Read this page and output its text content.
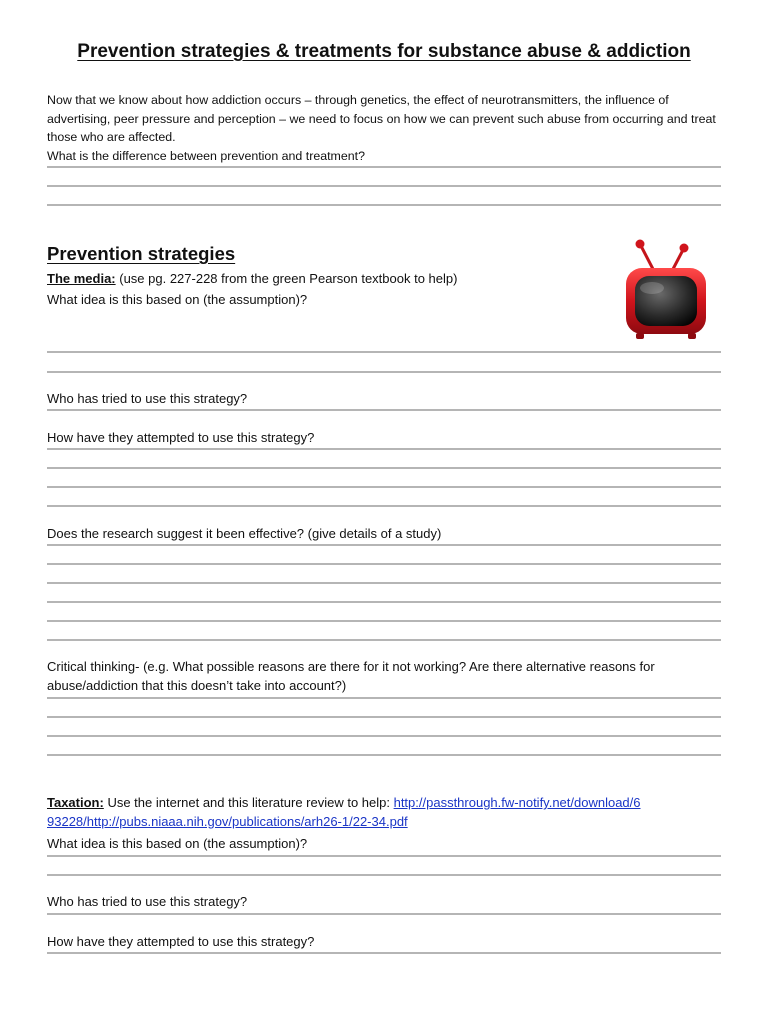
Prevention strategies & treatments for substance abuse & addiction
Now that we know about how addiction occurs – through genetics, the effect of neurotransmitters, the influence of advertising, peer pressure and perception – we need to focus on how we can prevent such abuse from occurring and treat those who are affected.
What is the difference between prevention and treatment?
Prevention strategies
The media: (use pg. 227-228 from the green Pearson textbook to help)
What idea is this based on (the assumption)?
Who has tried to use this strategy?
How have they attempted to use this strategy?
Does the research suggest it been effective? (give details of a study)
Critical thinking- (e.g. What possible reasons are there for it not working? Are there alternative reasons for abuse/addiction that this doesn’t take into account?)
Taxation: Use the internet and this literature review to help: http://passthrough.fw-notify.net/download/693228/http://pubs.niaaa.nih.gov/publications/arh26-1/22-34.pdf
What idea is this based on (the assumption)?
Who has tried to use this strategy?
How have they attempted to use this strategy?
